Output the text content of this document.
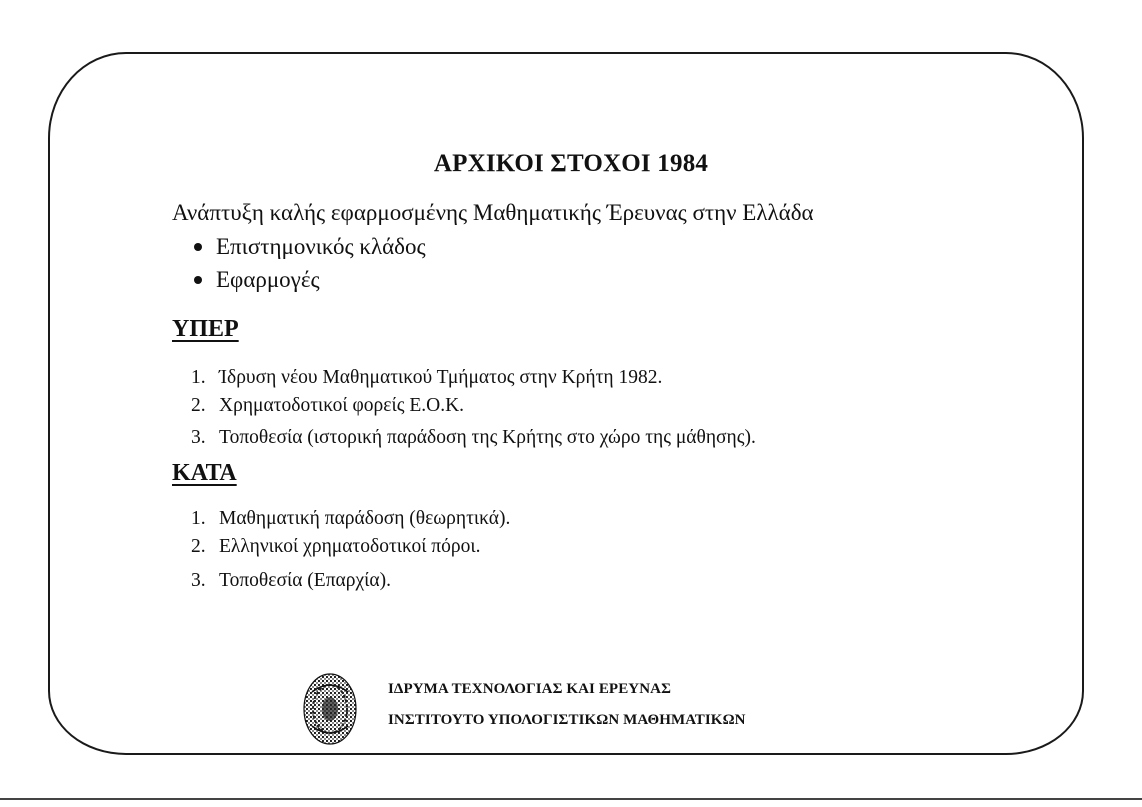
ΑΡΧΙΚΟΙ ΣΤΟΧΟΙ 1984
Ανάπτυξη καλής εφαρμοσμένης Μαθηματικής Έρευνας στην Ελλάδα
Επιστημονικός κλάδος
Εφαρμογές
ΥΠΕΡ
1. Ίδρυση νέου Μαθηματικού Τμήματος στην Κρήτη 1982.
2. Χρηματοδοτικοί φορείς Ε.Ο.Κ.
3. Τοποθεσία (ιστορική παράδοση της Κρήτης στο χώρο της μάθησης).
ΚΑΤΑ
1. Μαθηματική παράδοση (θεωρητικά).
2. Ελληνικοί χρηματοδοτικοί πόροι.
3. Τοποθεσία (Επαρχία).
ΙΔΡΥΜΑ ΤΕΧΝΟΛΟΓΙΑΣ ΚΑΙ ΕΡΕΥΝΑΣ
ΙΝΣΤΙΤΟΥΤΟ ΥΠΟΛΟΓΙΣΤΙΚΩΝ ΜΑΘΗΜΑΤΙΚΩΝ
